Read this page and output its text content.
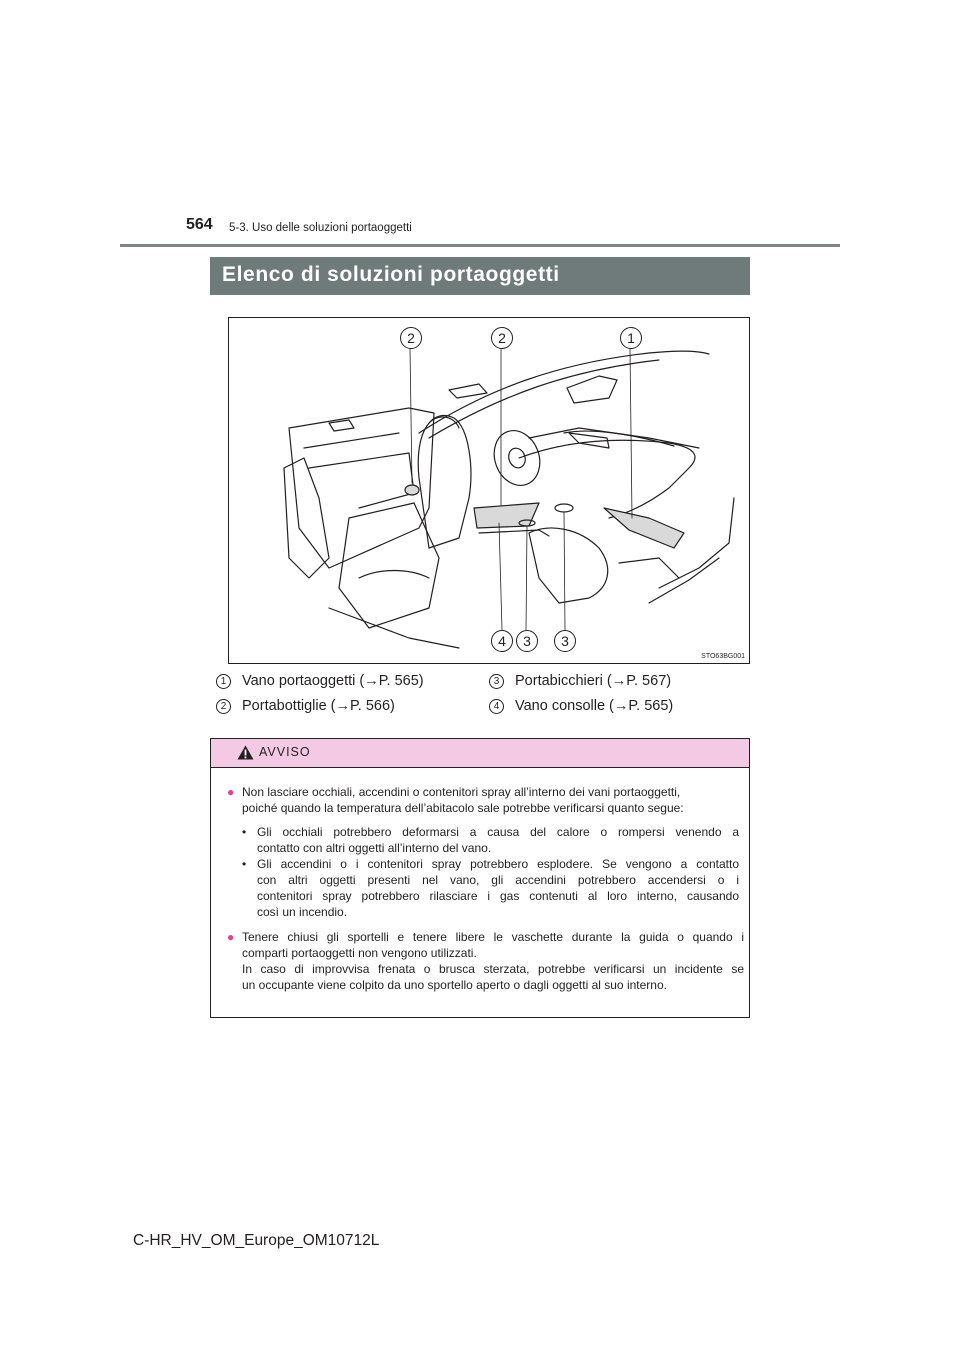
564 5-3. Uso delle soluzioni portaoggetti
Elenco di soluzioni portaoggetti
2	2	1
4	3	3
STO63BG001
1	Vano portaoggetti (→P. 565)
2	Portabottiglie (→P. 566)
3	Portabicchieri (→P. 567)
4	Vano consolle (→P. 565)
AVVISO
● Non lasciare occhiali, accendini o contenitori spray all’interno dei vani portaoggetti,
poiché quando la temperatura dell’abitacolo sale potrebbe verificarsi quanto segue:
• Gli occhiali potrebbero deformarsi a causa del calore o rompersi venendo a
contatto con altri oggetti all’interno del vano.
• Gli accendini o i contenitori spray potrebbero esplodere. Se vengono a contatto
con altri oggetti presenti nel vano, gli accendini potrebbero accendersi o i
contenitori spray potrebbero rilasciare i gas contenuti al loro interno, causando
così un incendio.
● Tenere chiusi gli sportelli e tenere libere le vaschette durante la guida o quando i
comparti portaoggetti non vengono utilizzati.
In caso di improvvisa frenata o brusca sterzata, potrebbe verificarsi un incidente se
un occupante viene colpito da uno sportello aperto o dagli oggetti al suo interno.
C-HR_HV_OM_Europe_OM10712L
